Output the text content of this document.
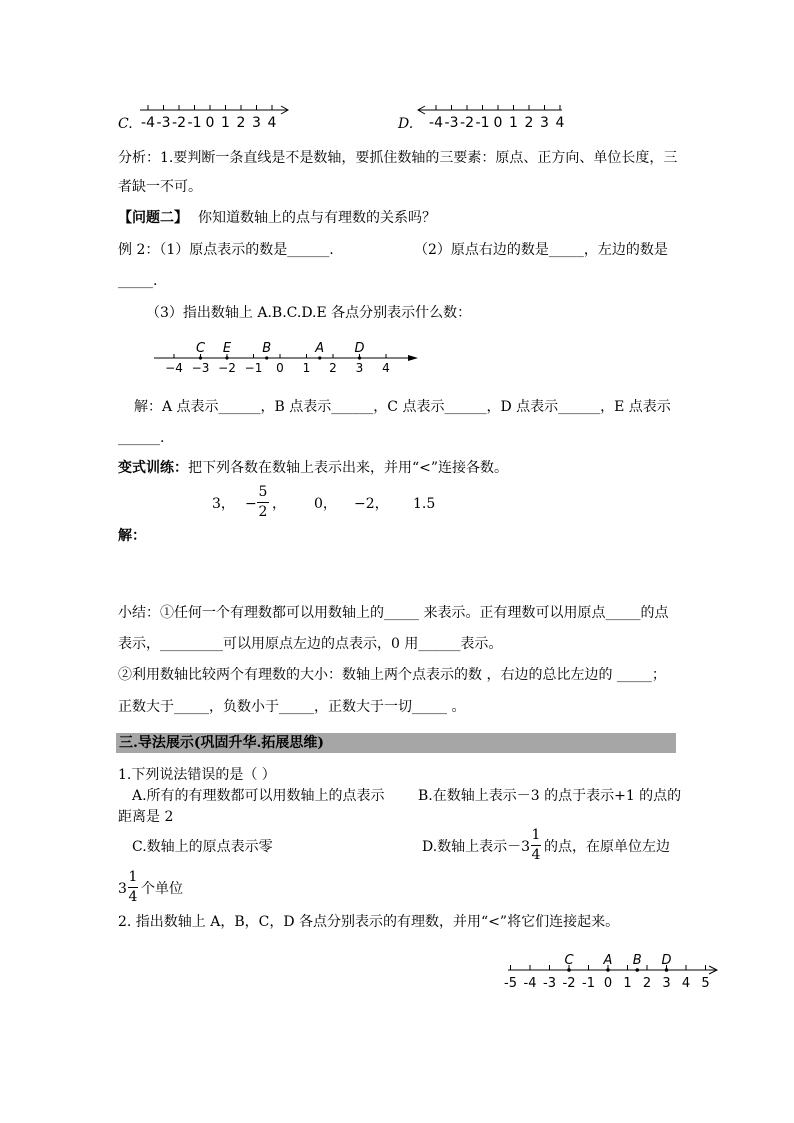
C. -4 -3 -2 -1 0 1 2 3 4	D. -4 -3 -2 -1 0 1 2 3 4
分析：1.要判断一条直线是不是数轴，要抓住数轴的三要素：原点、正方向、单位长度，三
者缺一不可。
【问题二】 你知道数轴上的点与有理数的关系吗？
例 2：（1）原点表示的数是______.	（2）原点右边的数是_____，左边的数是
_____.
（3）指出数轴上 A.B.C.D.E 各点分别表示什么数：
−4 −3 −2 −1 0 1 2 3 4
C E B	A D
解：A 点表示______，B 点表示______，C 点表示______，D 点表示______，E 点表示
______.
变式训练： 把下列各数在数轴上表示出来，并用“<”连接各数。
3， −
5
2 ， 0， −2， 1.5
解：
小结：①任何一个有理数都可以用数轴上的_____ 来表示。正有理数可以用原点_____的点
表示，_________可以用原点左边的点表示，0 用______表示。
②利用数轴比较两个有理数的大小：数轴上两个点表示的数 ，右边的总比左边的 _____；
正数大于_____，负数小于_____，正数大于一切_____ 。
三.导法展示(巩固升华.拓展思维)
1.下列说法错误的是（ ）
A.所有的有理数都可以用数轴上的点表示 B.在数轴上表示－3 的点于表示+1 的点的
距离是 2
C.数轴上的原点表示零	D.数轴上表示－3
1
4 的点，在原单位左边
3
1
4 个单位
2. 指出数轴上 A，B，C，D 各点分别表示的有理数，并用“<”将它们连接起来。
-5 -4 -3 -2 -1 0 1 2 3 4 5
C A B D
